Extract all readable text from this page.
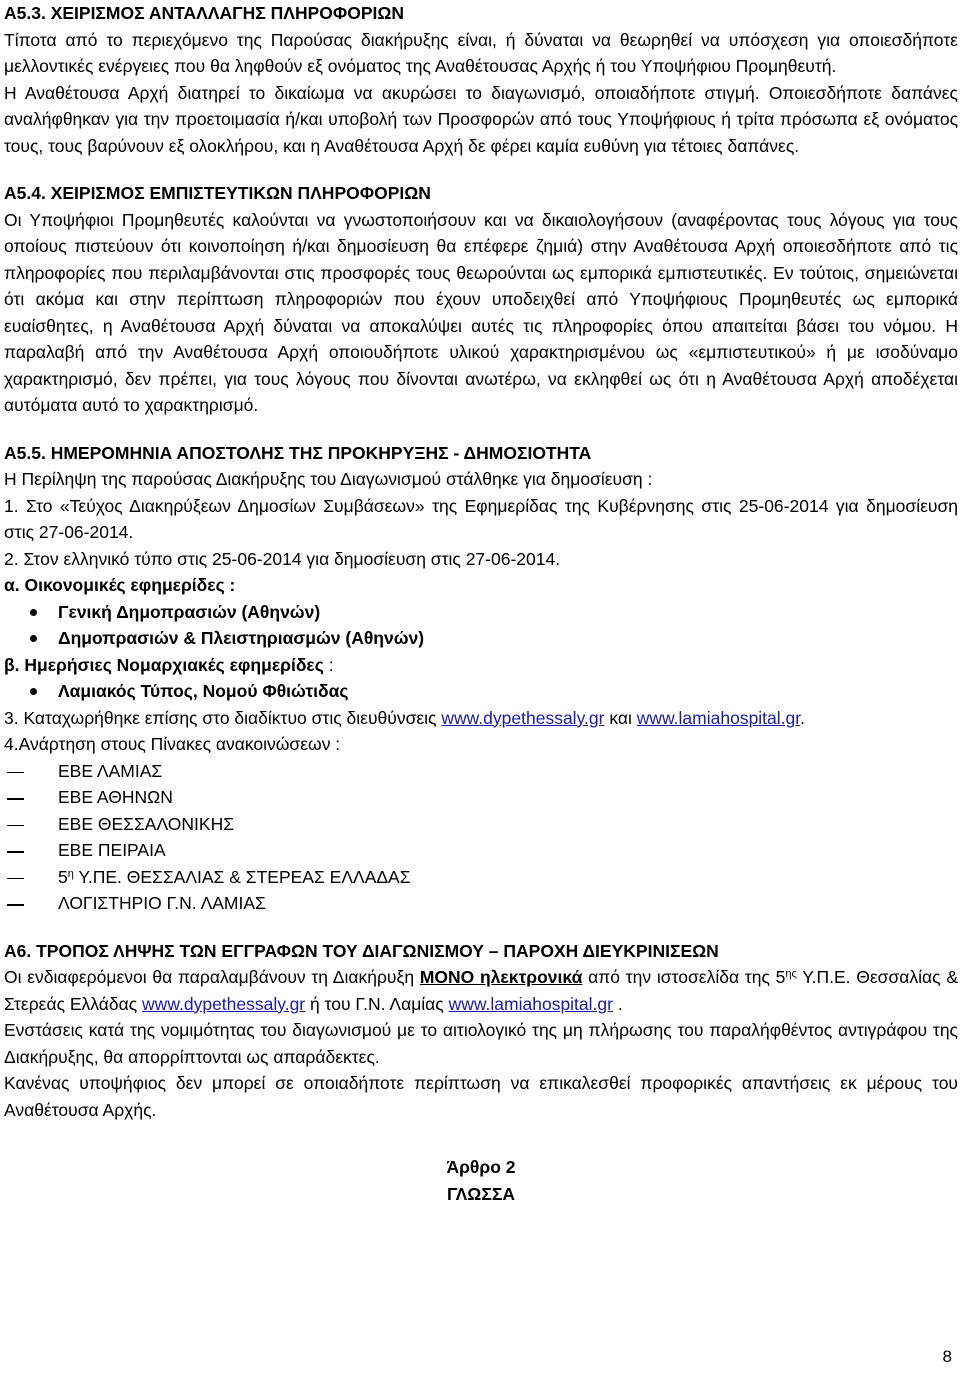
Α5.3. ΧΕΙΡΙΣΜΟΣ ΑΝΤΑΛΛΑΓΗΣ ΠΛΗΡΟΦΟΡΙΩΝ

Τίποτα από το περιεχόμενο της Παρούσας διακήρυξης είναι, ή δύναται να θεωρηθεί να υπόσχεση για οποιεσδήποτε μελλοντικές ενέργειες που θα ληφθούν εξ ονόματος της Αναθέτουσας Αρχής ή του Υποψήφιου Προμηθευτή.

Η Αναθέτουσα Αρχή διατηρεί το δικαίωμα να ακυρώσει το διαγωνισμό, οποιαδήποτε στιγμή. Οποιεσδήποτε δαπάνες αναλήφθηκαν για την προετοιμασία ή/και υποβολή των Προσφορών από τους Υποψήφιους ή τρίτα πρόσωπα εξ ονόματος τους, τους βαρύνουν εξ ολοκλήρου, και η Αναθέτουσα Αρχή δε φέρει καμία ευθύνη για τέτοιες δαπάνες.

Α5.4. ΧΕΙΡΙΣΜΟΣ ΕΜΠΙΣΤΕΥΤΙΚΩΝ ΠΛΗΡΟΦΟΡΙΩΝ

Οι Υποψήφιοι Προμηθευτές καλούνται να γνωστοποιήσουν και να δικαιολογήσουν (αναφέροντας τους λόγους για τους οποίους πιστεύουν ότι κοινοποίηση ή/και δημοσίευση θα επέφερε ζημιά) στην Αναθέτουσα Αρχή οποιεσδήποτε από τις πληροφορίες που περιλαμβάνονται στις προσφορές τους θεωρούνται ως εμπορικά εμπιστευτικές. Εν τούτοις, σημειώνεται ότι ακόμα και στην περίπτωση πληροφοριών που έχουν υποδειχθεί από Υποψήφιους Προμηθευτές ως εμπορικά ευαίσθητες, η Αναθέτουσα Αρχή δύναται να αποκαλύψει αυτές τις πληροφορίες όπου απαιτείται βάσει του νόμου. Η παραλαβή από την Αναθέτουσα Αρχή οποιουδήποτε υλικού χαρακτηρισμένου ως «εμπιστευτικού» ή με ισοδύναμο χαρακτηρισμό, δεν πρέπει, για τους λόγους που δίνονται ανωτέρω, να εκληφθεί ως ότι η Αναθέτουσα Αρχή αποδέχεται αυτόματα αυτό το χαρακτηρισμό.

Α5.5. ΗΜΕΡΟΜΗΝΙΑ ΑΠΟΣΤΟΛΗΣ ΤΗΣ ΠΡΟΚΗΡΥΞΗΣ - ΔΗΜΟΣΙΟΤΗΤΑ

Η Περίληψη της παρούσας Διακήρυξης του Διαγωνισμού στάλθηκε για δημοσίευση :

1. Στο «Τεύχος Διακηρύξεων Δημοσίων Συμβάσεων» της Εφημερίδας της Κυβέρνησης στις 25-06-2014 για δημοσίευση στις 27-06-2014.

2. Στον ελληνικό τύπο στις 25-06-2014 για δημοσίευση στις 27-06-2014.

α. Οικονομικές εφημερίδες :

Γενική Δημοπρασιών (Αθηνών)
Δημοπρασιών & Πλειστηριασμών (Αθηνών)

β. Ημερήσιες Νομαρχιακές εφημερίδες :

Λαμιακός Τύπος, Νομού Φθιώτιδας

3. Καταχωρήθηκε επίσης στο διαδίκτυο στις διευθύνσεις www.dypethessaly.gr και www.lamiahospital.gr.

4.Ανάρτηση στους Πίνακες ανακοινώσεων :

ΕΒΕ ΛΑΜΙΑΣ
ΕΒΕ ΑΘΗΝΩΝ
ΕΒΕ ΘΕΣΣΑΛΟΝΙΚΗΣ
ΕΒΕ ΠΕΙΡΑΙΑ
$5^\eta$ Υ.ΠΕ. ΘΕΣΣΑΛΙΑΣ & ΣΤΕΡΕΑΣ ΕΛΛΑΔΑΣ
ΛΟΓΙΣΤΗΡΙΟ Γ.Ν. ΛΑΜΙΑΣ

Α6. ΤΡΟΠΟΣ ΛΗΨΗΣ ΤΩΝ ΕΓΓΡΑΦΩΝ ΤΟΥ ΔΙΑΓΩΝΙΣΜΟΥ – ΠΑΡΟΧΗ ΔΙΕΥΚΡΙΝΙΣΕΩΝ

Οι ενδιαφερόμενοι θα παραλαμβάνουν τη Διακήρυξη ΜΟΝΟ ηλεκτρονικά από την ιστοσελίδα της $5^{\eta\varsigma}$ Υ.Π.Ε. Θεσσαλίας & Στερεάς Ελλάδας www.dypethessaly.gr ή του Γ.Ν. Λαμίας www.lamiahospital.gr .

Ενστάσεις κατά της νομιμότητας του διαγωνισμού με το αιτιολογικό της μη πλήρωσης του παραλήφθέντος αντιγράφου της Διακήρυξης, θα απορρίπτονται ως απαράδεκτες.

Κανένας υποψήφιος δεν μπορεί σε οποιαδήποτε περίπτωση να επικαλεσθεί προφορικές απαντήσεις εκ μέρους του Αναθέτουσα Αρχής.

Άρθρο 2

ΓΛΩΣΣΑ

8
